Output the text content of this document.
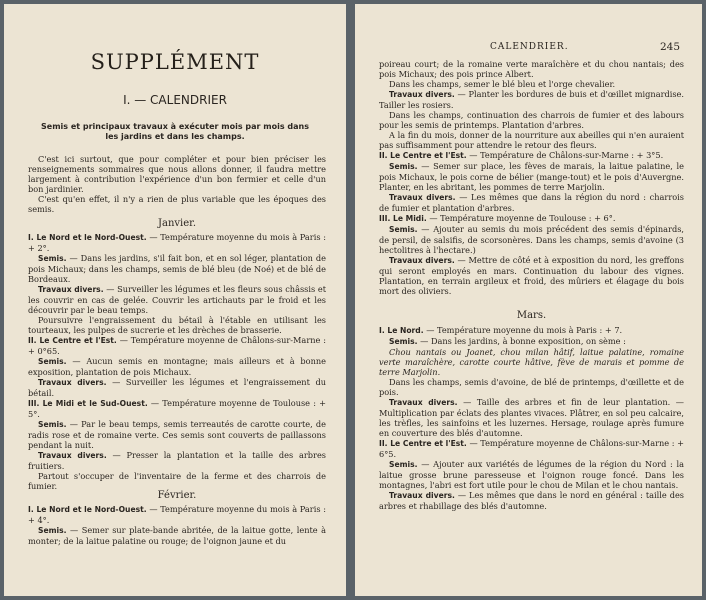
SUPPLÉMENT
I. — CALENDRIER
Semis et principaux travaux à exécuter mois par mois dans les jardins et dans les champs.

C'est ici surtout, que pour compléter et pour bien préciser les renseignements sommaires que nous allons donner, il faudra mettre largement à contribution l'expérience d'un bon fermier et celle d'un bon jardinier.

C'est qu'en effet, il n'y a rien de plus variable que les époques des semis.

Janvier.

I. Le Nord et le Nord-Ouest. — Température moyenne du mois à Paris : + 2°.

Semis. — Dans les jardins, s'il fait bon, et en sol léger, plantation de pois Michaux; dans les champs, semis de blé bleu (de Noé) et de blé de Bordeaux.

Travaux divers. — Surveiller les légumes et les fleurs sous châssis et les couvrir en cas de gelée. Couvrir les artichauts par le froid et les découvrir par le beau temps.

Poursuivre l'engraissement du bétail à l'étable en utilisant les tourteaux, les pulpes de sucrerie et les drèches de brasserie.

II. Le Centre et l'Est. — Température moyenne de Châlons-sur-Marne : + 0°65.

Semis. — Aucun semis en montagne; mais ailleurs et à bonne exposition, plantation de pois Michaux.

Travaux divers. — Surveiller les légumes et l'engraissement du bétail.

III. Le Midi et le Sud-Ouest. — Température moyenne de Toulouse : + 5°.

Semis. — Par le beau temps, semis terreautés de carotte courte, de radis rose et de romaine verte. Ces semis sont couverts de paillassons pendant la nuit.

Travaux divers. — Presser la plantation et la taille des arbres fruitiers.

Partout s'occuper de l'inventaire de la ferme et des charrois de fumier.

Février.

I. Le Nord et le Nord-Ouest. — Température moyenne du mois à Paris : + 4°.

Semis. — Semer sur plate-bande abritée, de la laitue gotte, lente à monter; de la laitue palatine ou rouge; de l'oignon jaune et du

CALENDRIER.	245

poireau court; de la romaine verte maraîchère et du chou nantais; des pois Michaux; des pois prince Albert.

Dans les champs, semer le blé bleu et l'orge chevalier.

Travaux divers. — Planter les bordures de buis et d'œillet mignardise. Tailler les rosiers.

Dans les champs, continuation des charrois de fumier et des labours pour les semis de printemps. Plantation d'arbres.

A la fin du mois, donner de la nourriture aux abeilles qui n'en auraient pas suffisamment pour attendre le retour des fleurs.

II. Le Centre et l'Est. — Température de Châlons-sur-Marne : + 3°5.

Semis. — Semer sur place, les fèves de marais, la laitue palatine, le pois Michaux, le pois corne de bélier (mange-tout) et le pois d'Auvergne. Planter, en les abritant, les pommes de terre Marjolin.

Travaux divers. — Les mêmes que dans la région du nord : charrois de fumier et plantation d'arbres.

III. Le Midi. — Température moyenne de Toulouse : + 6°.

Semis. — Ajouter au semis du mois précédent des semis d'épinards, de persil, de salsifis, de scorsonères. Dans les champs, semis d'avoine (3 hectolitres à l'hectare.)

Travaux divers. — Mettre de côté et à exposition du nord, les greffons qui seront employés en mars. Continuation du labour des vignes. Plantation, en terrain argileux et froid, des mûriers et élagage du bois mort des oliviers.

Mars.

I. Le Nord. — Température moyenne du mois à Paris : + 7.

Semis. — Dans les jardins, à bonne exposition, on sème :

Chou nantais ou Joanet, chou milan hâtif, laitue palatine, romaine verte maraîchère, carotte courte hâtive, fève de marais et pomme de terre Marjolin.

Dans les champs, semis d'avoine, de blé de printemps, d'œillette et de pois.

Travaux divers. — Taille des arbres et fin de leur plantation. — Multiplication par éclats des plantes vivaces. Plâtrer, en sol peu calcaire, les trèfles, les sainfoins et les luzernes. Hersage, roulage après fumure en couverture des blés d'automne.

II. Le Centre et l'Est. — Température moyenne de Châlons-sur-Marne : + 6°5.

Semis. — Ajouter aux variétés de légumes de la région du Nord : la laitue grosse brune paresseuse et l'oignon rouge foncé. Dans les montagnes, l'abri est fort utile pour le chou de Milan et le chou nantais.

Travaux divers. — Les mêmes que dans le nord en général : taille des arbres et rhabillage des blés d'automne.
